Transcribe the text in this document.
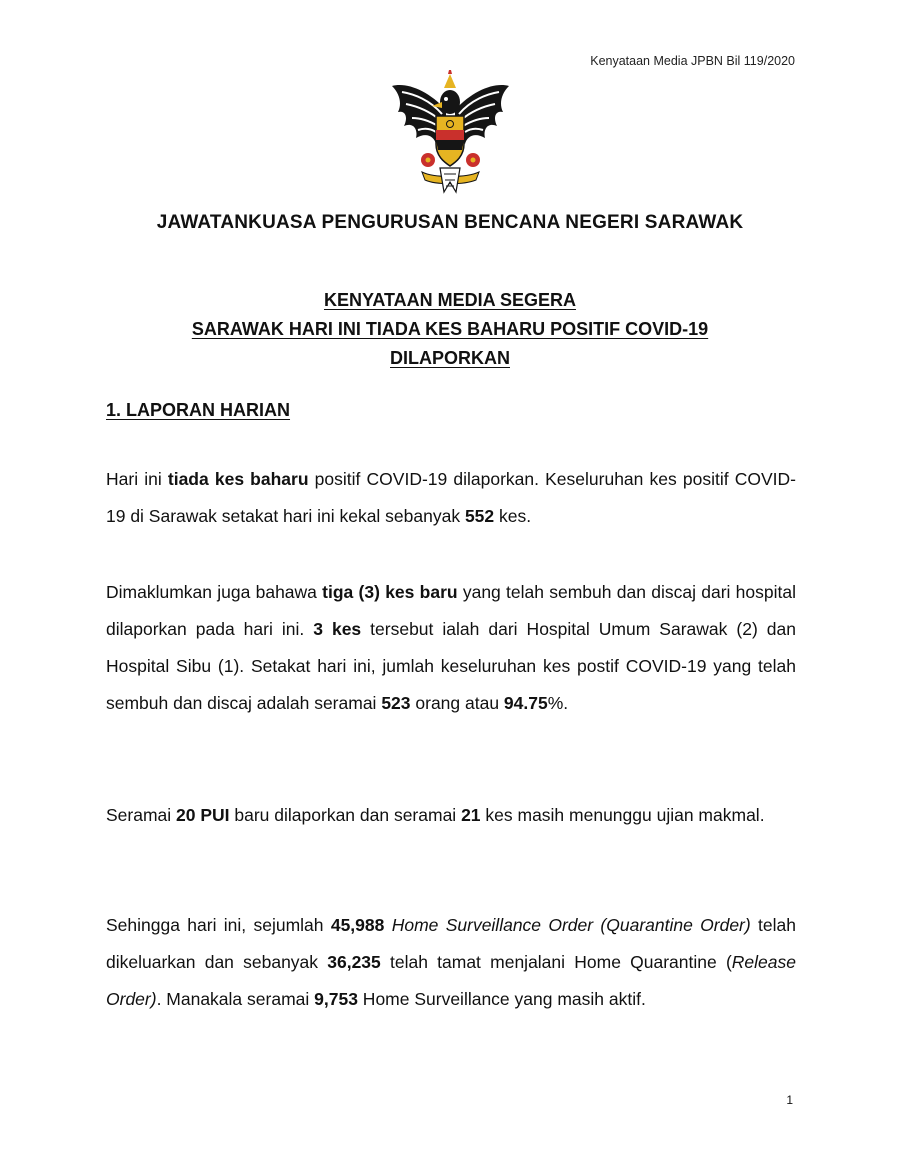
Kenyataan Media JPBN Bil 119/2020
JAWATANKUASA PENGURUSAN BENCANA NEGERI SARAWAK
KENYATAAN MEDIA SEGERA
SARAWAK HARI INI TIADA KES BAHARU POSITIF COVID-19
DILAPORKAN
1. LAPORAN HARIAN
Hari ini tiada kes baharu positif COVID-19 dilaporkan. Keseluruhan kes positif COVID-19 di Sarawak setakat hari ini kekal sebanyak 552 kes.
Dimaklumkan juga bahawa tiga (3) kes baru yang telah sembuh dan discaj dari hospital dilaporkan pada hari ini. 3 kes tersebut ialah dari Hospital Umum Sarawak (2) dan Hospital Sibu (1). Setakat hari ini, jumlah keseluruhan kes postif COVID-19 yang telah sembuh dan discaj adalah seramai 523 orang atau 94.75%.
Seramai 20 PUI baru dilaporkan dan seramai 21 kes masih menunggu ujian makmal.
Sehingga hari ini, sejumlah 45,988 Home Surveillance Order (Quarantine Order) telah dikeluarkan dan sebanyak 36,235 telah tamat menjalani Home Quarantine (Release Order). Manakala seramai 9,753 Home Surveillance yang masih aktif.
1
